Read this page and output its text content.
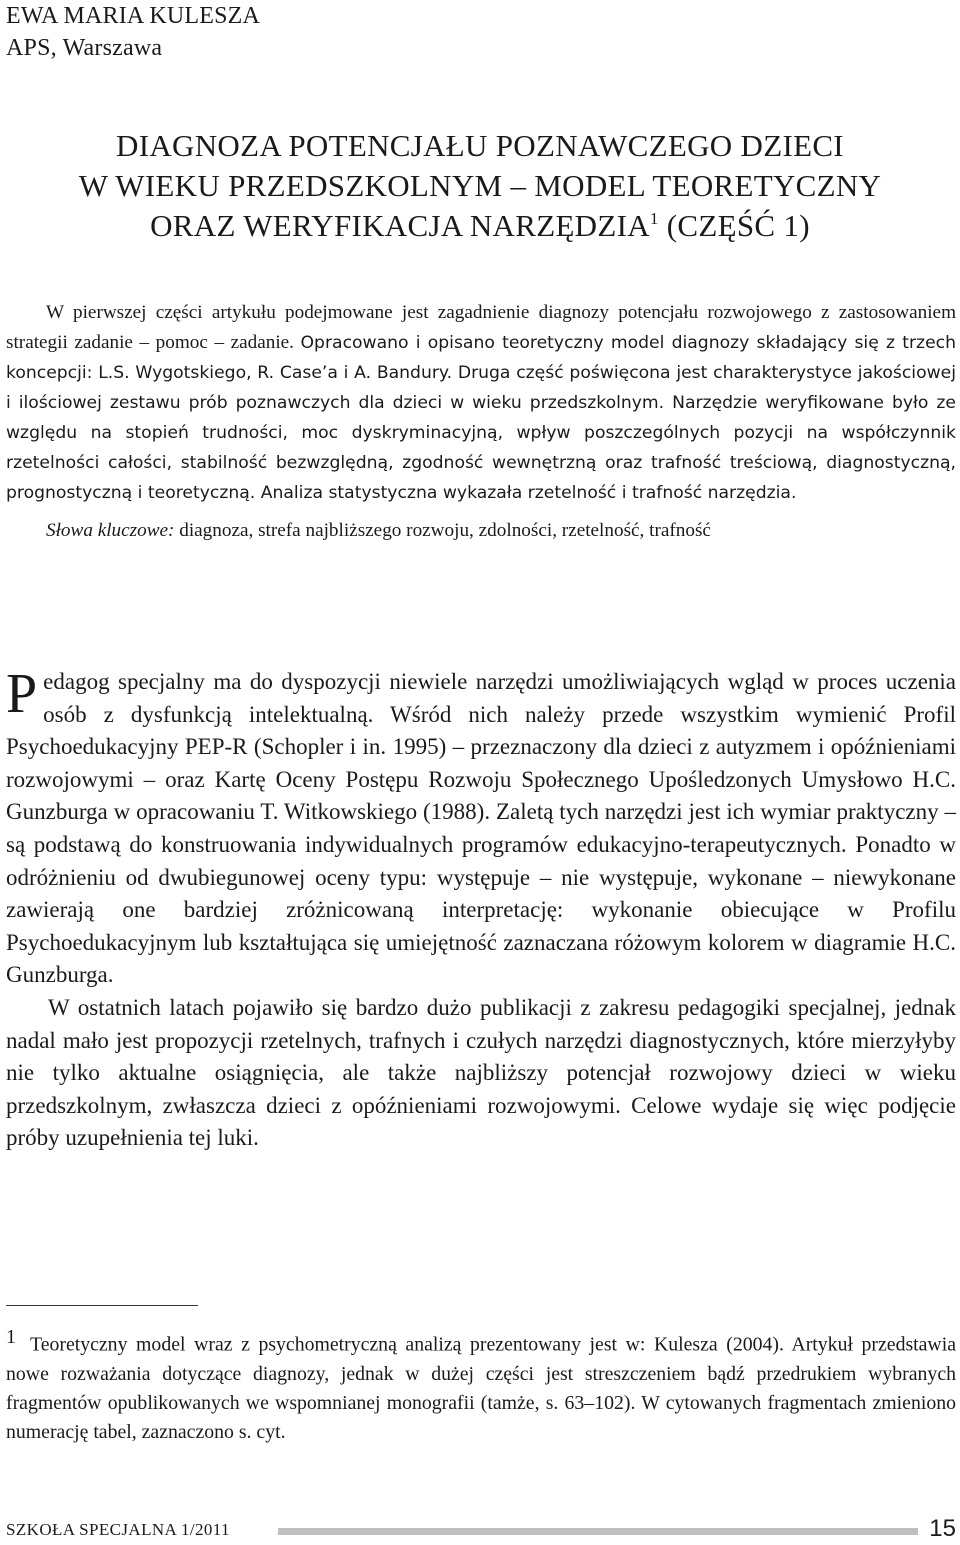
EWA MARIA KULESZA
APS, Warszawa
DIAGNOZA POTENCJAŁU POZNAWCZEGO DZIECI
W WIEKU PRZEDSZKOLNYM – MODEL TEORETYCZNY
ORAZ WERYFIKACJA NARZĘDZIA$^1$ (CZĘŚĆ 1)

W pierwszej części artykułu podejmowane jest zagadnienie diagnozy potencjału rozwojowego z zastosowaniem strategii zadanie – pomoc – zadanie. Opracowano i opisano teoretyczny model diagnozy składający się z trzech koncepcji: L.S. Wygotskiego, R. Case’a i A. Bandury. Druga część poświęcona jest charakterystyce jakościowej i ilościowej zestawu prób poznawczych dla dzieci w wieku przedszkolnym. Narzędzie weryfikowane było ze względu na stopień trudności, moc dyskryminacyjną, wpływ poszczególnych pozycji na współczynnik rzetelności całości, stabilność bezwzględną, zgodność wewnętrzną oraz trafność treściową, diagnostyczną, prognostyczną i teoretyczną. Analiza statystyczna wykazała rzetelność i trafność narzędzia.

Słowa kluczowe: diagnoza, strefa najbliższego rozwoju, zdolności, rzetelność, trafność

Pedagog specjalny ma do dyspozycji niewiele narzędzi umożliwiających wgląd w proces uczenia osób z dysfunkcją intelektualną. Wśród nich należy przede wszystkim wymienić Profil Psychoedukacyjny PEP-R (Schopler i in. 1995) – przeznaczony dla dzieci z autyzmem i opóźnieniami rozwojowymi – oraz Kartę Oceny Postępu Rozwoju Społecznego Upośledzonych Umysłowo H.C. Gunzburga w opracowaniu T. Witkowskiego (1988). Zaletą tych narzędzi jest ich wymiar praktyczny – są podstawą do konstruowania indywidualnych programów edukacyjno-terapeutycznych. Ponadto w odróżnieniu od dwubiegunowej oceny typu: występuje – nie występuje, wykonane – niewykonane zawierają one bardziej zróżnicowaną interpretację: wykonanie obiecujące w Profilu Psychoedukacyjnym lub kształtująca się umiejętność zaznaczana różowym kolorem w diagramie H.C. Gunzburga.

W ostatnich latach pojawiło się bardzo dużo publikacji z zakresu pedagogiki specjalnej, jednak nadal mało jest propozycji rzetelnych, trafnych i czułych narzędzi diagnostycznych, które mierzyłyby nie tylko aktualne osiągnięcia, ale także najbliższy potencjał rozwojowy dzieci w wieku przedszkolnym, zwłaszcza dzieci z opóźnieniami rozwojowymi. Celowe wydaje się więc podjęcie próby uzupełnienia tej luki.

$^1$ Teoretyczny model wraz z psychometryczną analizą prezentowany jest w: Kulesza (2004). Artykuł przedstawia nowe rozważania dotyczące diagnozy, jednak w dużej części jest streszczeniem bądź przedrukiem wybranych fragmentów opublikowanych we wspomnianej monografii (tamże, s. 63–102). W cytowanych fragmentach zmieniono numerację tabel, zaznaczono s. cyt.

SZKOŁA SPECJALNA 1/2011	15
